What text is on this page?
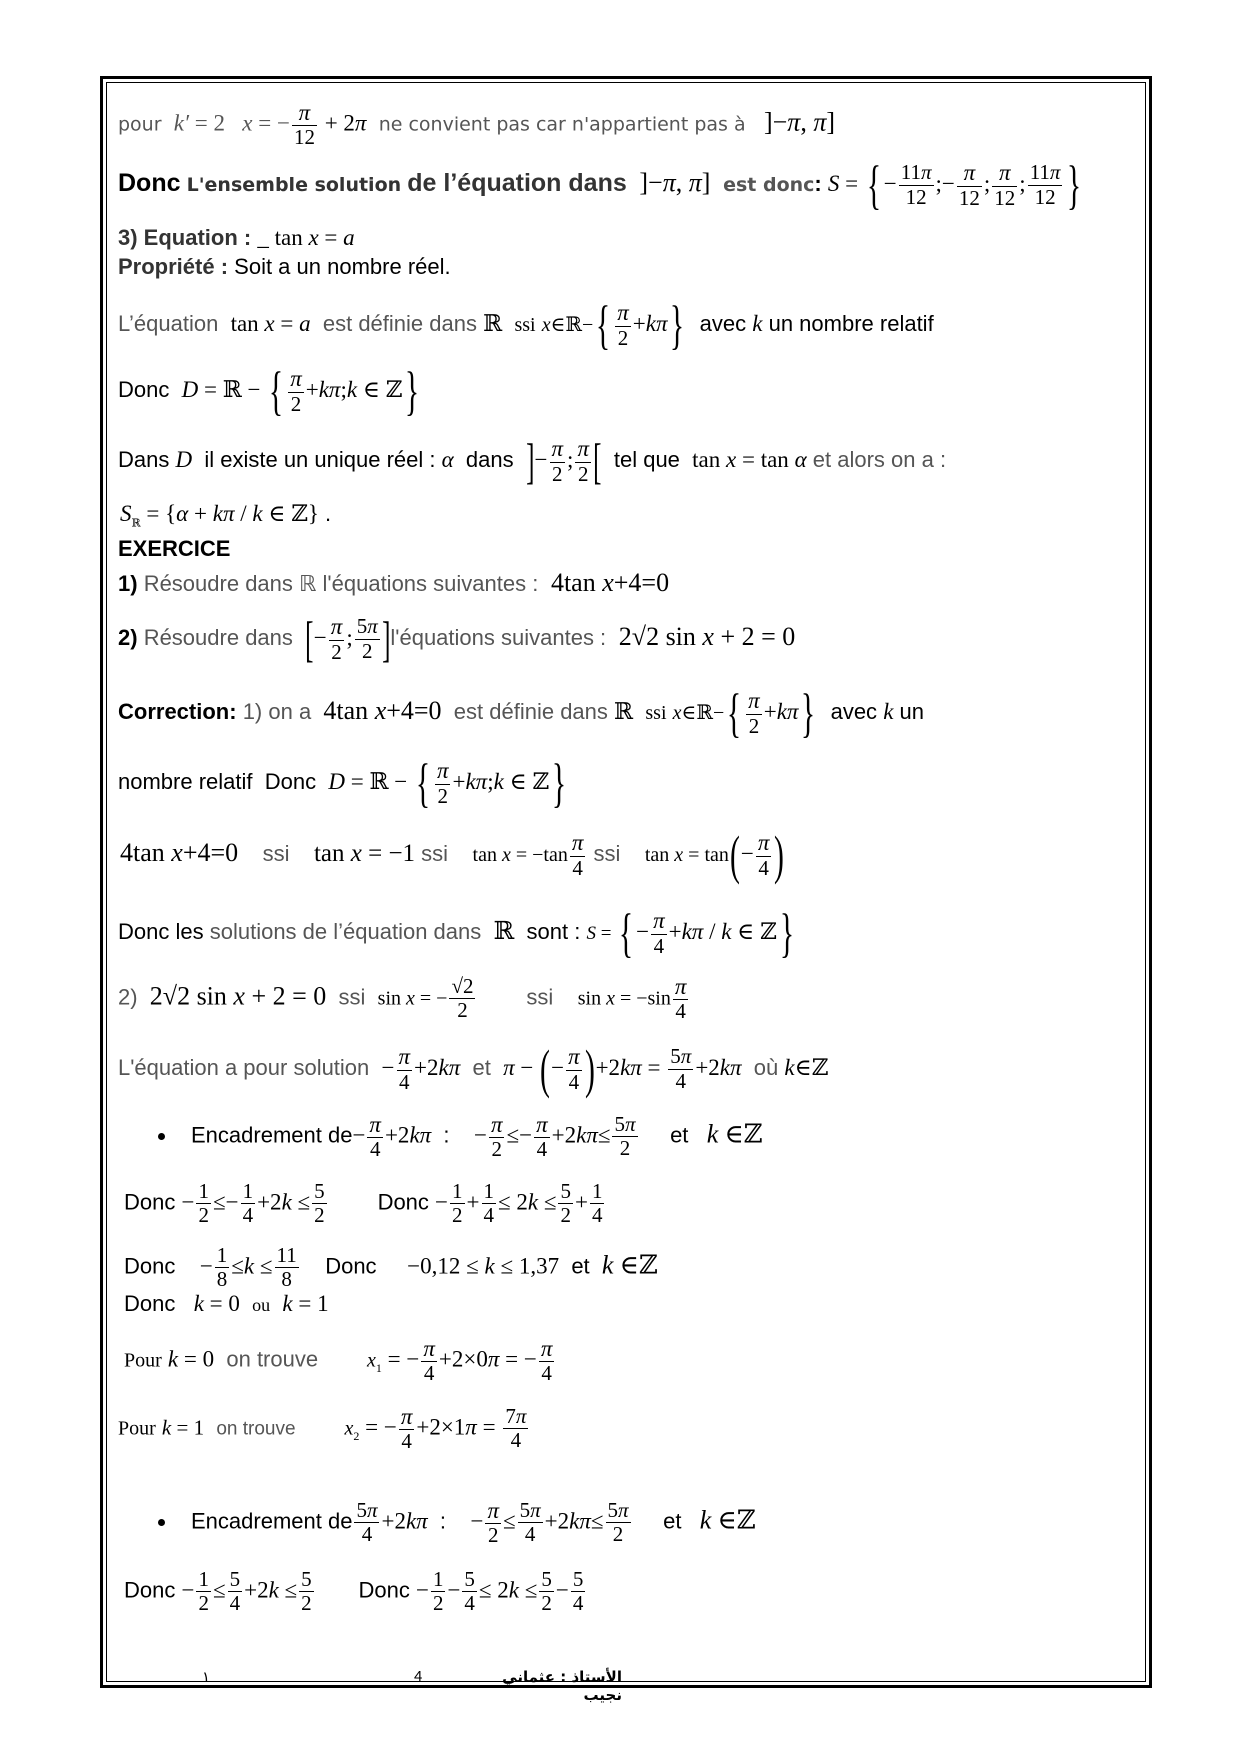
pour k′ = 2   x = − $\frac{\pi}{12} + 2\pi$ ne convient pas car n'appartient pas à ]−π, π]
Donc L'ensemble solution de l’équation dans  ]−π, π]  est donc: S = { − $\frac{11\pi}{12}$ ;− $\frac{\pi}{12}$ ; $\frac{\pi}{12}$ ; $\frac{11\pi}{12}$ }
3) Equation : _ tan x = a
Propriété : Soit a un nombre réel.
L’équation tan x = a est définie dans ℝ ssi x∈ℝ−{ $\frac{\pi}{2} +k\pi$} avec k un nombre relatif
Donc D = ℝ − { $\frac{\pi}{2}$ +kπ;k ∈ ℤ}
Dans D il existe un unique réel : α dans ]− $\frac{\pi}{2}$ ; $\frac{\pi}{2}$ [ tel que tan x = tan α et alors on a :
$S_ℝ = \{\alpha + k\pi / k$ ∈ ℤ} .
EXERCICE
1) Résoudre dans ℝ l'équations suivantes :  4tan x+4=0
2) Résoudre dans [− $\frac{\pi}{2}$ ; $\frac{5\pi}{2}$ ]l'équations suivantes :  2√2 sin x + 2 = 0
Correction: 1) on a 4tan x+4=0 est définie dans ℝ ssi x∈ℝ−{ $\frac{\pi}{2} +k\pi$} avec k un
nombre relatif Donc D = ℝ − { $\frac{\pi}{2}$ +kπ;k ∈ ℤ}
4tan x+4=0 ssi tan x = −1 ssi $\tan x = -\tan \frac{\pi}{4}$ ssi $\tan x = \tan(- \frac{\pi}{4}$ )
Donc les solutions de l’équation dans ℝ sont : S = { − $\frac{\pi}{4} +k\pi / k$ ∈ ℤ}
2) 2√2 sin x + 2 = 0 ssi sin x = − $\frac{√2}{2}$ ssi $\sin x = -\sin \frac{\pi}{4}$
L'équation a pour solution − $\frac{\pi}{4} +2k\pi$ et π − (− $\frac{\pi}{4} )+2k\pi = \frac{5\pi}{4} +2k\pi$ où k∈ℤ
Encadrement $de- \frac{\pi}{4} +2k\pi$  :    − $\frac{\pi}{2} \le- \frac{\pi}{4} +2k\pi\le \frac{5\pi}{2}$ et k ∈ℤ
Donc − $\frac{1}{2} \le- \frac{1}{4} +2k \le \frac{5}{2}$ Donc − $\frac{1}{2} + \frac{1}{4} \le 2k \le \frac{5}{2} + \frac{1}{4}$
Donc − $\frac{1}{8} \le k \le \frac{11}{8}$ Donc −0,12 ≤ k ≤ 1,37 et k ∈ℤ
Donc k = 0 ou k = 1
Pour k = 0 on trouve $x_1$ = − $\frac{\pi}{4} +2\times 0\pi$ = − $\frac{\pi}{4}$
Pour k = 1 on trouve $x_2$ = − $\frac{\pi}{4} +2\times 1\pi = \frac{7\pi}{4}$
Encadrement de $\frac{5\pi}{4} +2k\pi$  :    − $\frac{\pi}{2} \le \frac{5\pi}{4} +2k\pi\le \frac{5\pi}{2}$ et k ∈ℤ
Donc − $\frac{1}{2} \le \frac{5}{4} +2k \le \frac{5}{2}$ Donc − $\frac{1}{2} - \frac{5}{4} \le 2k \le \frac{5}{2} - \frac{5}{4}$
١	4	الأستاذ : عثماني نجيب
